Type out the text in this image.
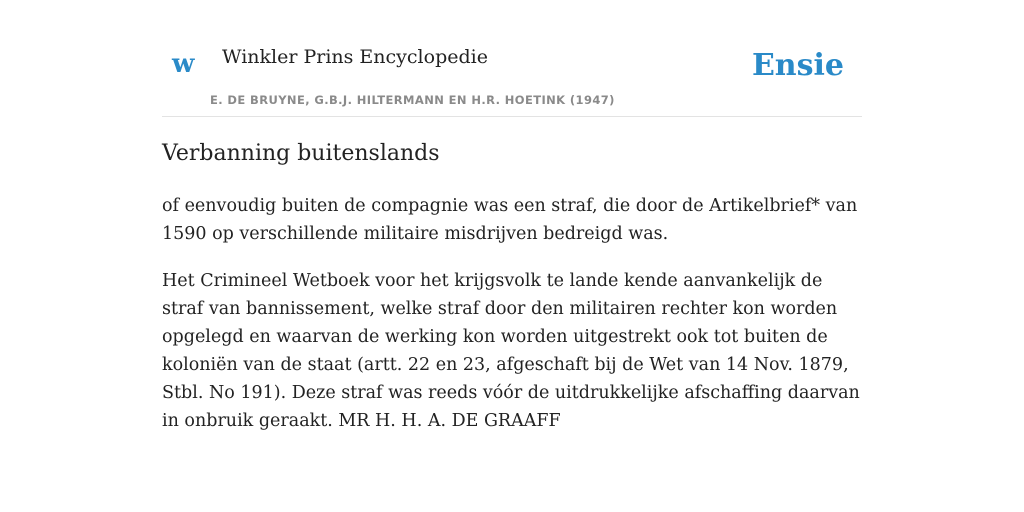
w Winkler Prins Encyclopedie
E. DE BRUYNE, G.B.J. HILTERMANN EN H.R. HOETINK (1947)
Ensie
Verbanning buitenslands

of eenvoudig buiten de compagnie was een straf, die door de Artikelbrief* van 1590 op verschillende militaire misdrijven bedreigd was.

Het Crimineel Wetboek voor het krijgsvolk te lande kende aanvankelijk de straf van bannissement, welke straf door den militairen rechter kon worden opgelegd en waarvan de werking kon worden uitgestrekt ook tot buiten de koloniën van de staat (artt. 22 en 23, afgeschaft bij de Wet van 14 Nov. 1879, Stbl. No 191). Deze straf was reeds vóór de uitdrukkelijke afschaffing daarvan in onbruik geraakt. MR H. H. A. DE GRAAFF
